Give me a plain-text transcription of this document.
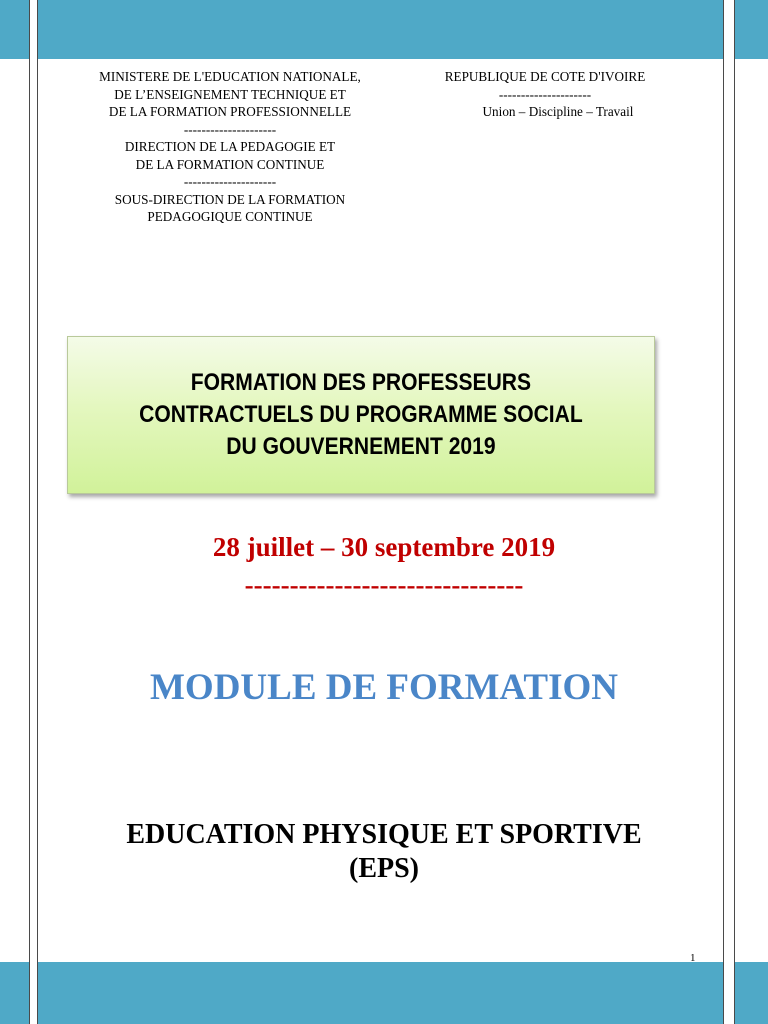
MINISTERE DE L'EDUCATION NATIONALE,
DE L’ENSEIGNEMENT TECHNIQUE ET
DE LA FORMATION PROFESSIONNELLE
---------------------
DIRECTION DE LA PEDAGOGIE ET
DE LA FORMATION CONTINUE
---------------------
SOUS-DIRECTION DE LA FORMATION
PEDAGOGIQUE CONTINUE
REPUBLIQUE DE COTE D'IVOIRE
---------------------
Union – Discipline – Travail
FORMATION DES PROFESSEURS
CONTRACTUELS DU PROGRAMME SOCIAL
DU GOUVERNEMENT 2019
28 juillet – 30 septembre 2019
-------------------------------
MODULE DE FORMATION
EDUCATION PHYSIQUE ET SPORTIVE
(EPS)
1
